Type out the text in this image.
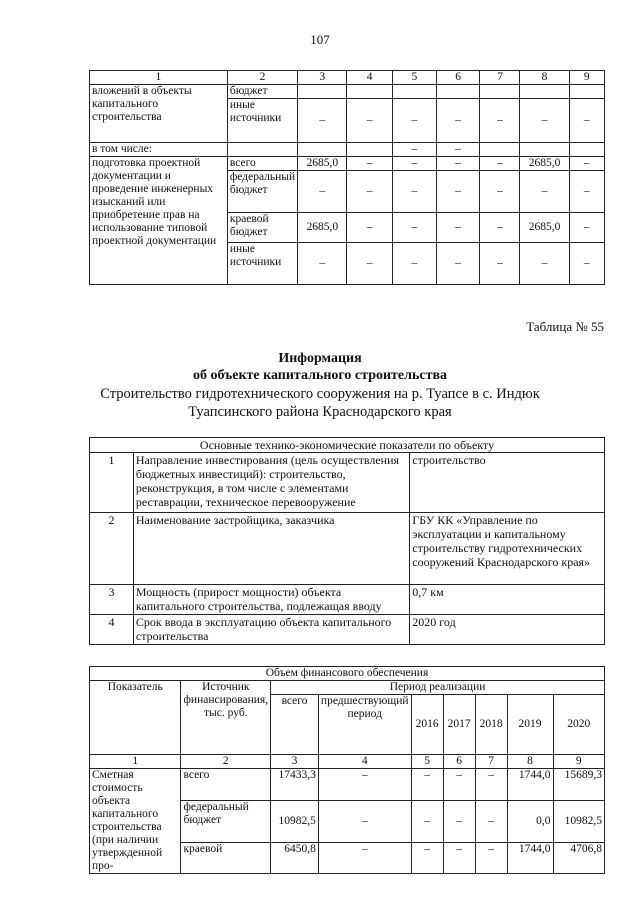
107
1	2	3	4	5	6	7	8	9
вложений в объекты капитального строительства	бюджет							
	иные источники	–	–	–	–	–	–	–
в том числе:				–	–			
подготовка проектной документации и проведение инженерных изысканий или приобретение прав на использование типовой проектной документации	всего	2685,0	–	–	–	–	2685,0	–
	федеральный бюджет	–	–	–	–	–	–	–
	краевой бюджет	2685,0	–	–	–	–	2685,0	–
	иные источники	–	–	–	–	–	–	–
Таблица № 55
Информация
об объекте капитального строительства
Строительство гидротехнического сооружения на р. Туапсе в с. Индюк
Туапсинского района Краснодарского края
Основные технико-экономические показатели по объекту		
1	Направление инвестирования (цель осуществления бюджетных инвестиций): строительство, реконструкция, в том числе с элементами реставрации, техническое перевооружение	строительство
2	Наименование застройщика, заказчика	ГБУ КК «Управление по эксплуатации и капитальному строительству гидротехнических сооружений Краснодарского края»
3	Мощность (прирост мощности) объекта капитального строительства, подлежащая вводу	0,7 км
4	Срок ввода в эксплуатацию объекта капитального строительства	2020 год
Объем финансового обеспечения								
Показатель	Источник финансирования, тыс. руб.	Период реализации						
		всего	предшествующий период	2016	2017	2018	2019	2020
1	2	3	4	5	6	7	8	9
Сметная стоимость объекта капитального строительства (при наличии утвержденной про-	всего	17433,3	–	–	–	–	1744,0	15689,3
	федеральный бюджет	10982,5	–	–	–	–	0,0	10982,5
	краевой	6450,8	–	–	–	–	1744,0	4706,8
